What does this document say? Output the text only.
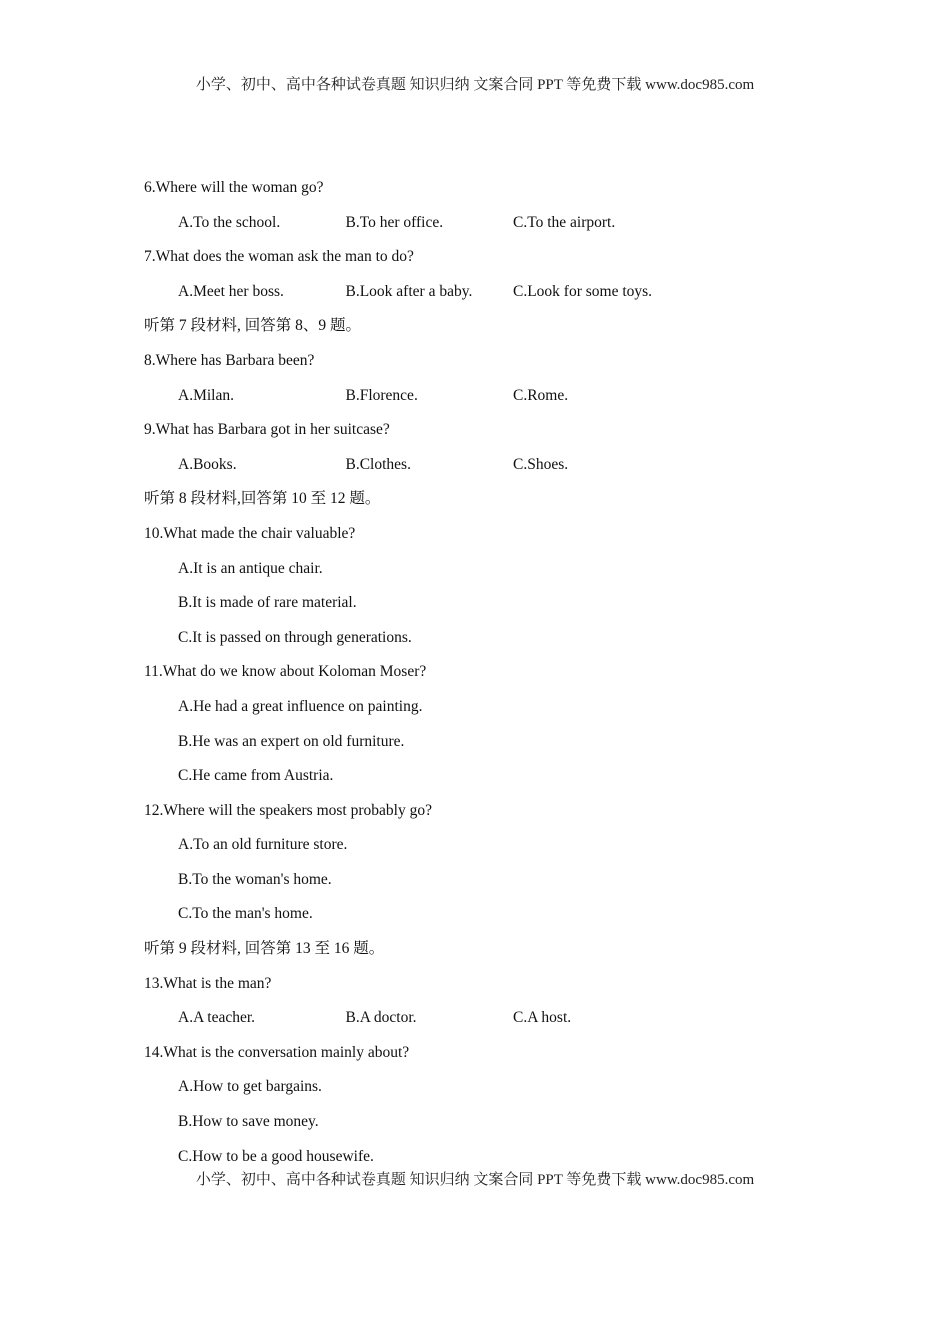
小学、初中、高中各种试卷真题 知识归纳 文案合同 PPT 等免费下载 www.doc985.com
6.Where will the woman go?
A.To the school.	B.To her office.	C.To the airport.
7.What does the woman ask the man to do?
A.Meet her boss.	B.Look after a baby.	C.Look for some toys.
听第 7 段材料, 回答第 8、9 题。
8.Where has Barbara been?
A.Milan.	B.Florence.	C.Rome.
9.What has Barbara got in her suitcase?
A.Books.	B.Clothes.	C.Shoes.
听第 8 段材料,回答第 10 至 12 题。
10.What made the chair valuable?
A.It is an antique chair.
B.It is made of rare material.
C.It is passed on through generations.
11.What do we know about Koloman Moser?
A.He had a great influence on painting.
B.He was an expert on old furniture.
C.He came from Austria.
12.Where will the speakers most probably go?
A.To an old furniture store.
B.To the woman's home.
C.To the man's home.
听第 9 段材料, 回答第 13 至 16 题。
13.What is the man?
A.A teacher.	B.A doctor.	C.A host.
14.What is the conversation mainly about?
A.How to get bargains.
B.How to save money.
C.How to be a good housewife.
小学、初中、高中各种试卷真题 知识归纳 文案合同 PPT 等免费下载 www.doc985.com
